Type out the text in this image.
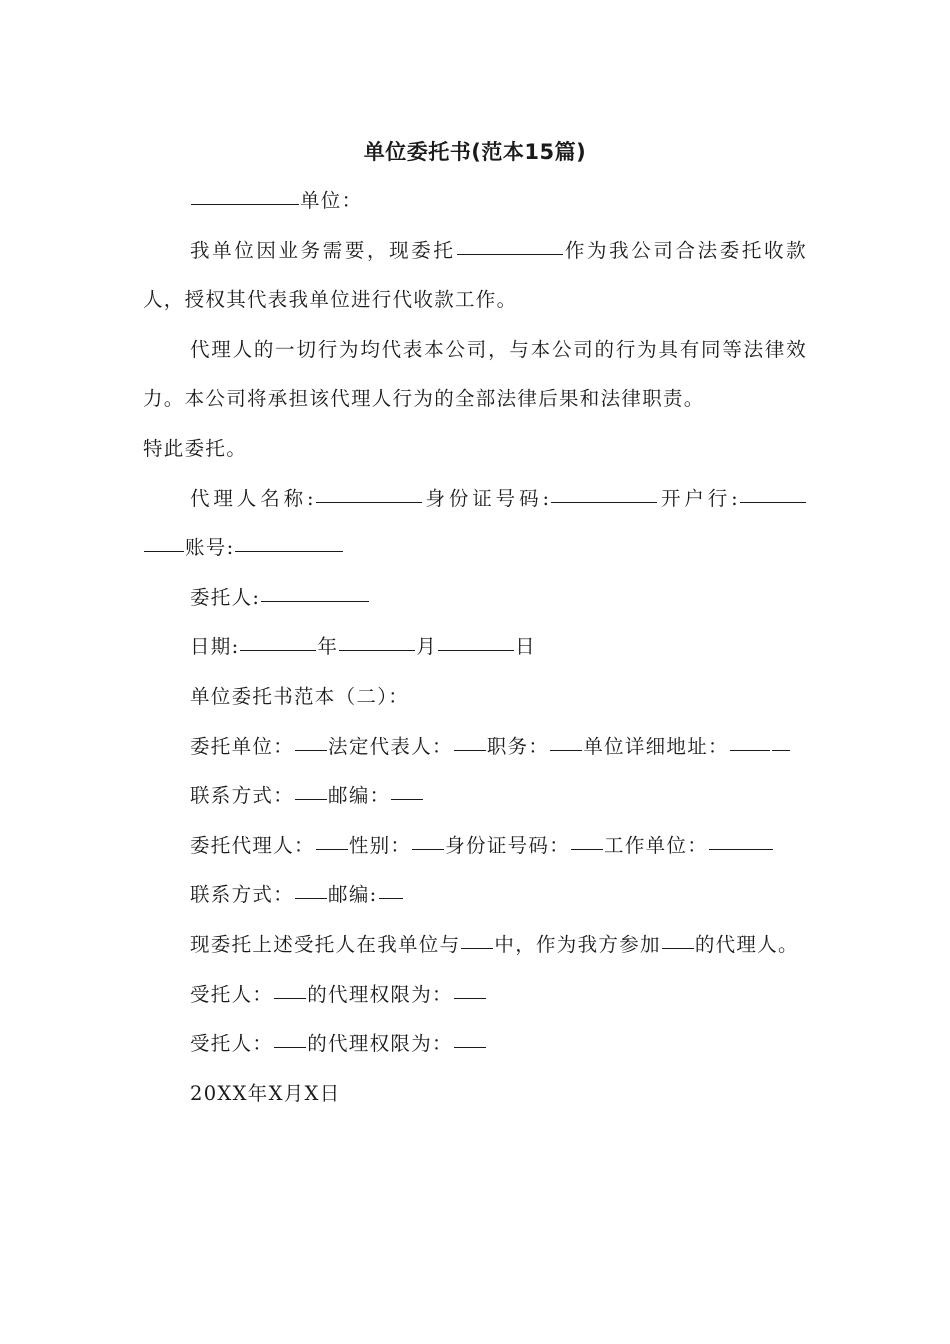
单位委托书(范本15篇)

单位：

我单位因业务需要，现委托	作为我公司合法委托收款人，授权其代表我单位进行代收款工作。

代理人的一切行为均代表本公司，与本公司的行为具有同等法律效力。本公司将承担该代理人行为的全部法律后果和法律职责。

特此委托。

代理人名称:	身份证号码:	开户行:账号:

委托人:

日期:	年	月	日

单位委托书范本（二）：

委托单位： 法定代表人： 职务： 单位详细地址：

联系方式： 邮编：

委托代理人： 性别： 身份证号码： 工作单位：

联系方式： 邮编:

现委托上述受托人在我单位与 中，作为我方参加 的代理人。

受托人： 的代理权限为：

受托人： 的代理权限为：

20XX年X月X日
